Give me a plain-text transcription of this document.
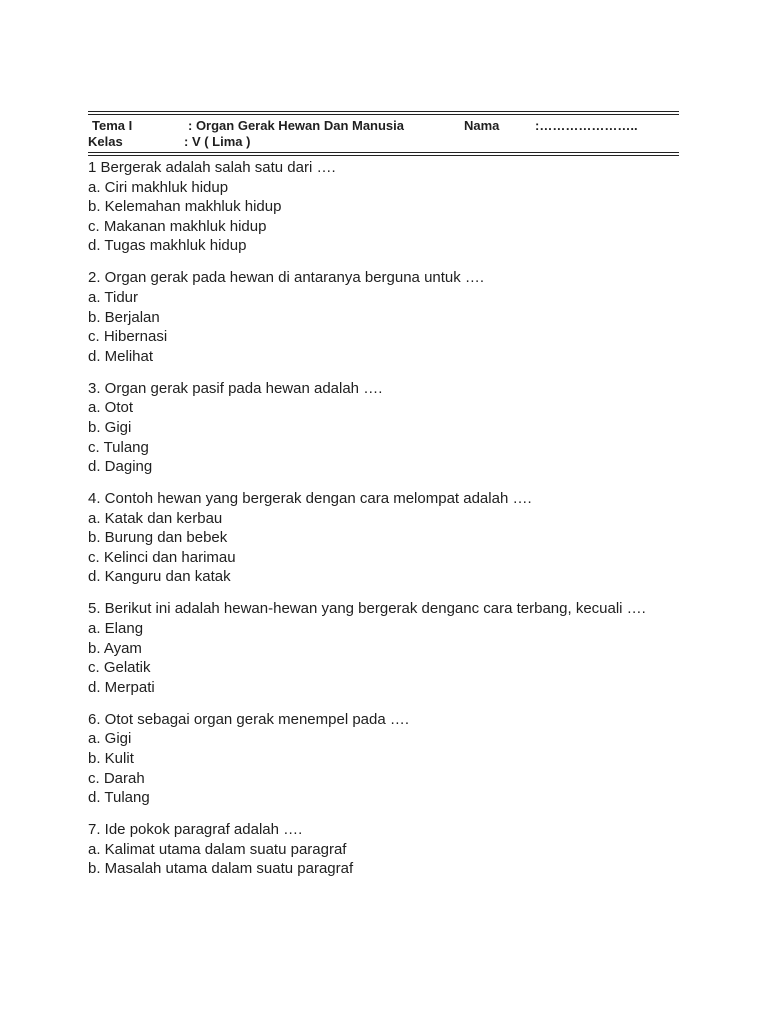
Tema I	: Organ Gerak Hewan Dan Manusia	Nama	:…………………..
Kelas	: V ( Lima )
1 Bergerak adalah salah satu dari ….
a. Ciri makhluk hidup
b. Kelemahan makhluk hidup
c. Makanan makhluk hidup
d. Tugas makhluk hidup
2. Organ gerak pada hewan di antaranya berguna untuk ….
a. Tidur
b. Berjalan
c. Hibernasi
d. Melihat
3. Organ gerak pasif pada hewan adalah ….
a. Otot
b. Gigi
c. Tulang
d. Daging
4. Contoh hewan yang bergerak dengan cara melompat adalah ….
a. Katak dan kerbau
b. Burung dan bebek
c. Kelinci dan harimau
d. Kanguru dan katak
5. Berikut ini adalah hewan-hewan yang bergerak denganc cara terbang, kecuali ….
a. Elang
b. Ayam
c. Gelatik
d. Merpati
6. Otot sebagai organ gerak menempel pada ….
a. Gigi
b. Kulit
c. Darah
d. Tulang
7. Ide pokok paragraf adalah ….
a. Kalimat utama dalam suatu paragraf
b. Masalah utama dalam suatu paragraf
